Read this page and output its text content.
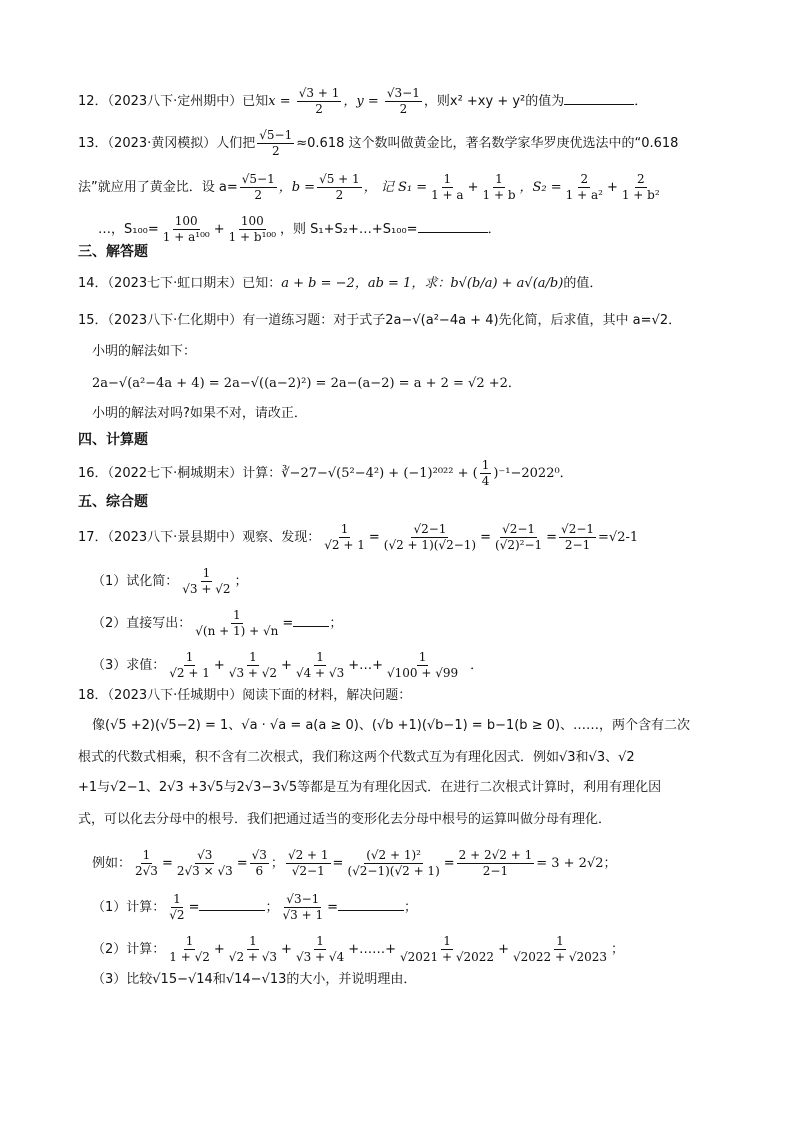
12．（2023八下·定州期中）已知$x = \frac{√3 + 1}{2}$ ，$y = \frac{√3-1}{2}$ ，则x² +xy + y²的值为	．
13．（2023·黄冈模拟）人们把 $\frac{√5-1}{2} \approx 0.618$ 这个数叫做黄金比，著名数学家华罗庚优选法中的“0.618
法”就应用了黄金比．设 $a= \frac{√5-1}{2}$ ，$b = \frac{√5 + 1}{2}$ ， 记 $S_1 = \frac{1}{1 + a} + \frac{1}{1 + b}$ ，$S_2 = \frac{2}{\text{1 + a²}} + \frac{2}{\text{1 + b²}}$
…，$S_{100}= \frac{100}{\text{1 + a¹⁰⁰}} + \frac{100}{\text{1 + b¹⁰⁰}}$ ，则 S₁+S₂+…+S₁₀₀=	．
三、解答题
14．（2023七下·虹口期末）已知：a + b = −2，ab = 1，求：b√(b/a) + a√(a/b)的值．
15．（2023八下·仁化期中）有一道练习题：对于式子2a−√(a²−4a + 4)先化简，后求值，其中 a=√2．
小明的解法如下：
2a−√(a²−4a + 4) = 2a−√((a−2)²) = 2a−(a−2) = a + 2 = √2 +2．
小明的解法对吗?如果不对，请改正．
四、计算题
16．（2022七下·桐城期末）计算：∛−27−√(5²−4²) + (−1)²⁰²² + ( $\frac{1}{4} )^{-1}-2022^0$．
五、综合题
17．（2023八下·景县期中）观察、发现： $\frac{1}{√2 + 1} = \frac{√2-1}{(√2 + 1)(√2-1)} = \frac{√2-1}{\text{(√2)²−1}} = \frac{√2-1}{2-1} =√2-1$
（1）试化简： $\frac{1}{√3 + √2}$ ；
（2）直接写出： $\frac{1}{√(n + 1) + √n}$ =	；
（3）求值： $\frac{1}{√2 + 1} + \frac{1}{√3 + √2} + \frac{1}{√4 + √3}$ +…+ $\frac{1}{√100 + √99}$ ．
18．（2023八下·任城期中）阅读下面的材料，解决问题：
像(√5 +2)(√5−2) = 1、√a · √a = a(a ≥ 0)、(√b +1)(√b−1) = b−1(b ≥ 0)、……，两个含有二次
根式的代数式相乘，积不含有二次根式，我们称这两个代数式互为有理化因式．例如√3和√3、√2
+1与√2−1、2√3 +3√5与2√3−3√5等都是互为有理化因式．在进行二次根式计算时，利用有理化因
式，可以化去分母中的根号．我们把通过适当的变形化去分母中根号的运算叫做分母有理化．
例如： $\frac{1}{2√3} = \frac{√3}{2√3 \times √3} = \frac{√3}{6}$ ； $\frac{√2 + 1}{√2-1} = \frac{\text{(√2 + 1)²}}{(√2-1)(√2 + 1)} = \frac{2 + 2√2 + 1}{2-1} = 3 + 2√2$；
（1）计算： $\frac{1}{√2}$ =	； $\frac{√3-1}{√3 + 1}$ =	；
（2）计算： $\frac{1}{1 + √2} + \frac{1}{√2 + √3} + \frac{1}{√3 + √4}$ +……+ $\frac{1}{√2021 + √2022} + \frac{1}{√2022 + √2023}$ ；
（3）比较√15−√14和√14−√13的大小，并说明理由．
